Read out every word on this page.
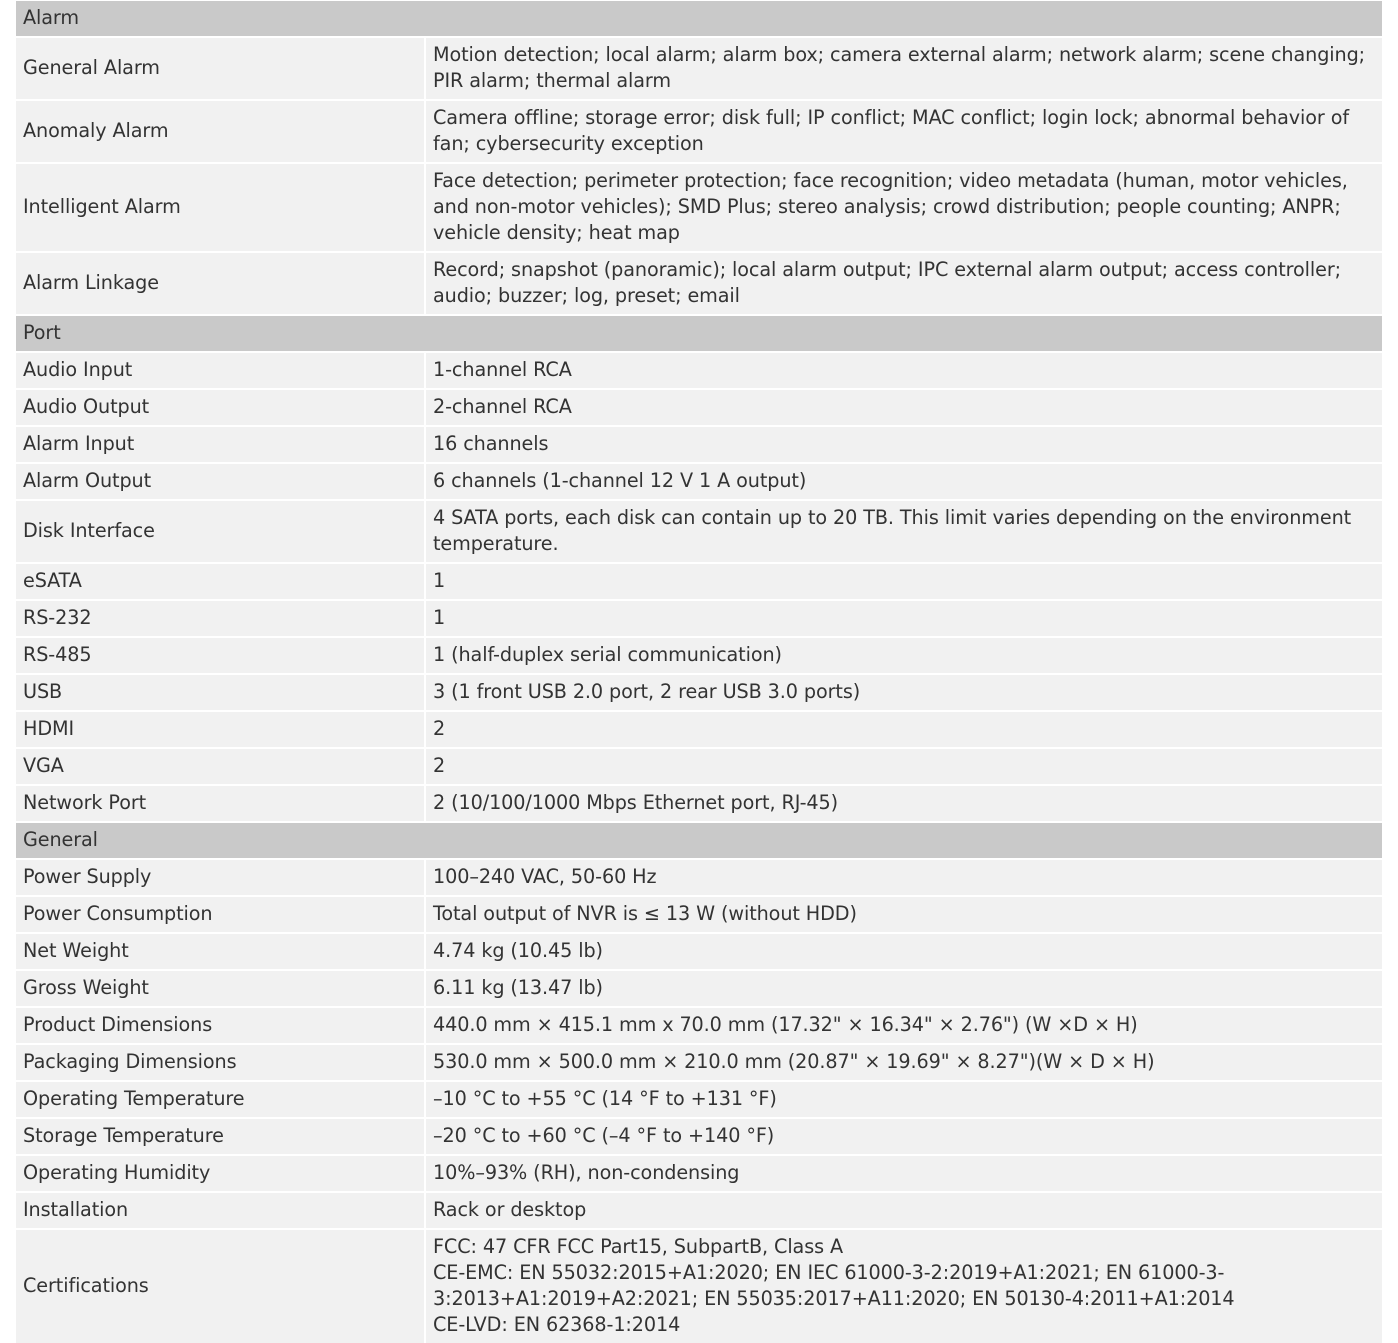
Alarm	
General Alarm	Motion detection; local alarm; alarm box; camera external alarm; network alarm; scene changing; PIR alarm; thermal alarm
Anomaly Alarm	Camera offline; storage error; disk full; IP conflict; MAC conflict; login lock; abnormal behavior of fan; cybersecurity exception
Intelligent Alarm	Face detection; perimeter protection; face recognition; video metadata (human, motor vehicles, and non-motor vehicles); SMD Plus; stereo analysis; crowd distribution; people counting; ANPR; vehicle density; heat map
Alarm Linkage	Record; snapshot (panoramic); local alarm output; IPC external alarm output; access controller; audio; buzzer; log, preset; email
Port	
Audio Input	1-channel RCA
Audio Output	2-channel RCA
Alarm Input	16 channels
Alarm Output	6 channels (1-channel 12 V 1 A output)
Disk Interface	4 SATA ports, each disk can contain up to 20 TB. This limit varies depending on the environment temperature.
eSATA	1
RS-232	1
RS-485	1 (half-duplex serial communication)
USB	3 (1 front USB 2.0 port, 2 rear USB 3.0 ports)
HDMI	2
VGA	2
Network Port	2 (10/100/1000 Mbps Ethernet port, RJ-45)
General	
Power Supply	100–240 VAC, 50-60 Hz
Power Consumption	Total output of NVR is ≤ 13 W (without HDD)
Net Weight	4.74 kg (10.45 lb)
Gross Weight	6.11 kg (13.47 lb)
Product Dimensions	440.0 mm × 415.1 mm x 70.0 mm (17.32" × 16.34" × 2.76") (W ×D × H)
Packaging Dimensions	530.0 mm × 500.0 mm × 210.0 mm (20.87" × 19.69" × 8.27")(W × D × H)
Operating Temperature	–10 °C to +55 °C (14 °F to +131 °F)
Storage Temperature	–20 °C to +60 °C (–4 °F to +140 °F)
Operating Humidity	10%–93% (RH), non-condensing
Installation	Rack or desktop
Certifications	FCC: 47 CFR FCC Part15, SubpartB, Class A
CE-EMC: EN 55032:2015+A1:2020; EN IEC 61000-3-2:2019+A1:2021; EN 61000-3-3:2013+A1:2019+A2:2021; EN 55035:2017+A11:2020; EN 50130-4:2011+A1:2014
CE-LVD: EN 62368-1:2014
